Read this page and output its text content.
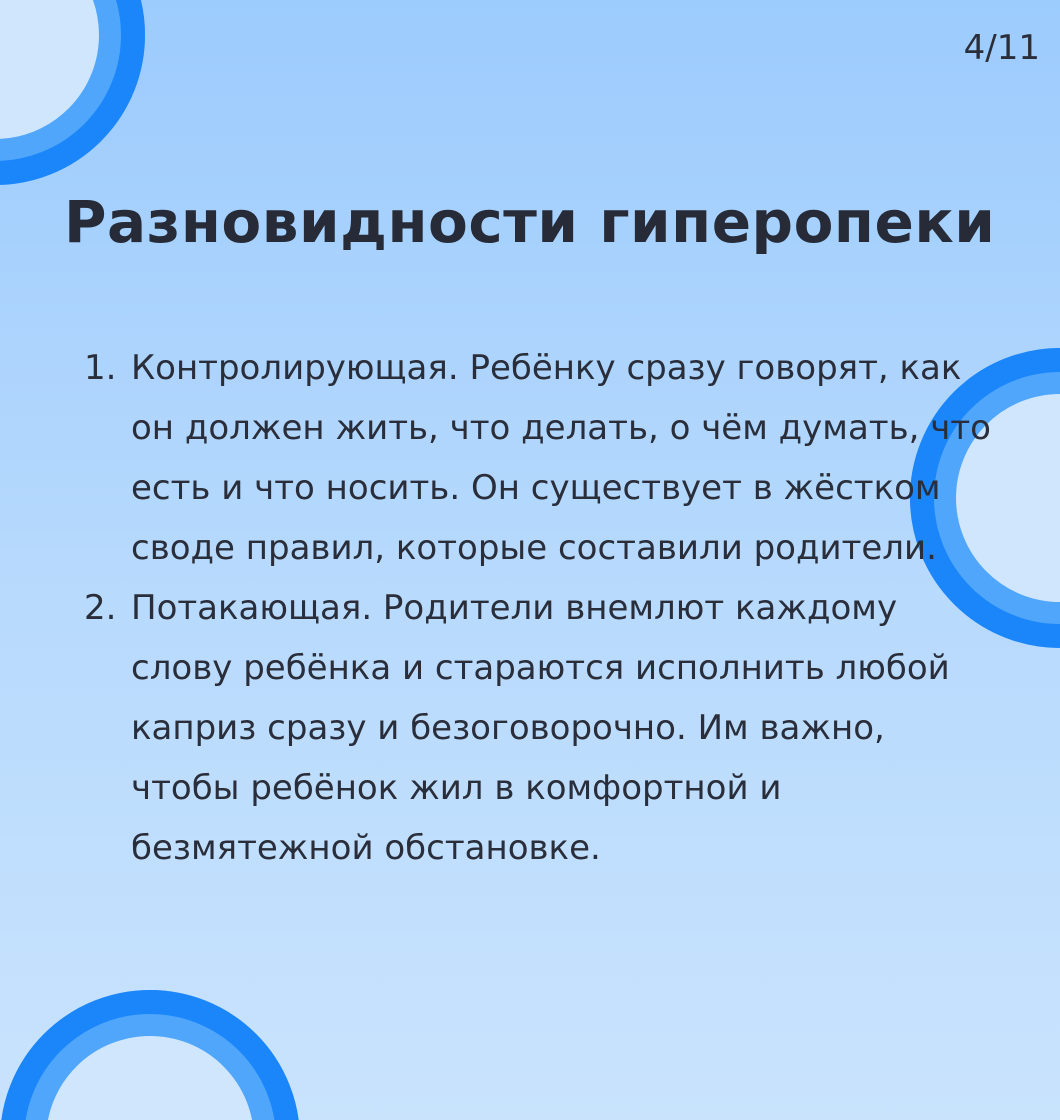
4/11
Разновидности гиперопеки
1. Контролирующая. Ребёнку сразу говорят, как он должен жить, что делать, о чём думать, что есть и что носить. Он существует в жёстком своде правил, которые составили родители.
2. Потакающая. Родители внемлют каждому слову ребёнка и стараются исполнить любой каприз сразу и безоговорочно. Им важно, чтобы ребёнок жил в комфортной и безмятежной обстановке.
